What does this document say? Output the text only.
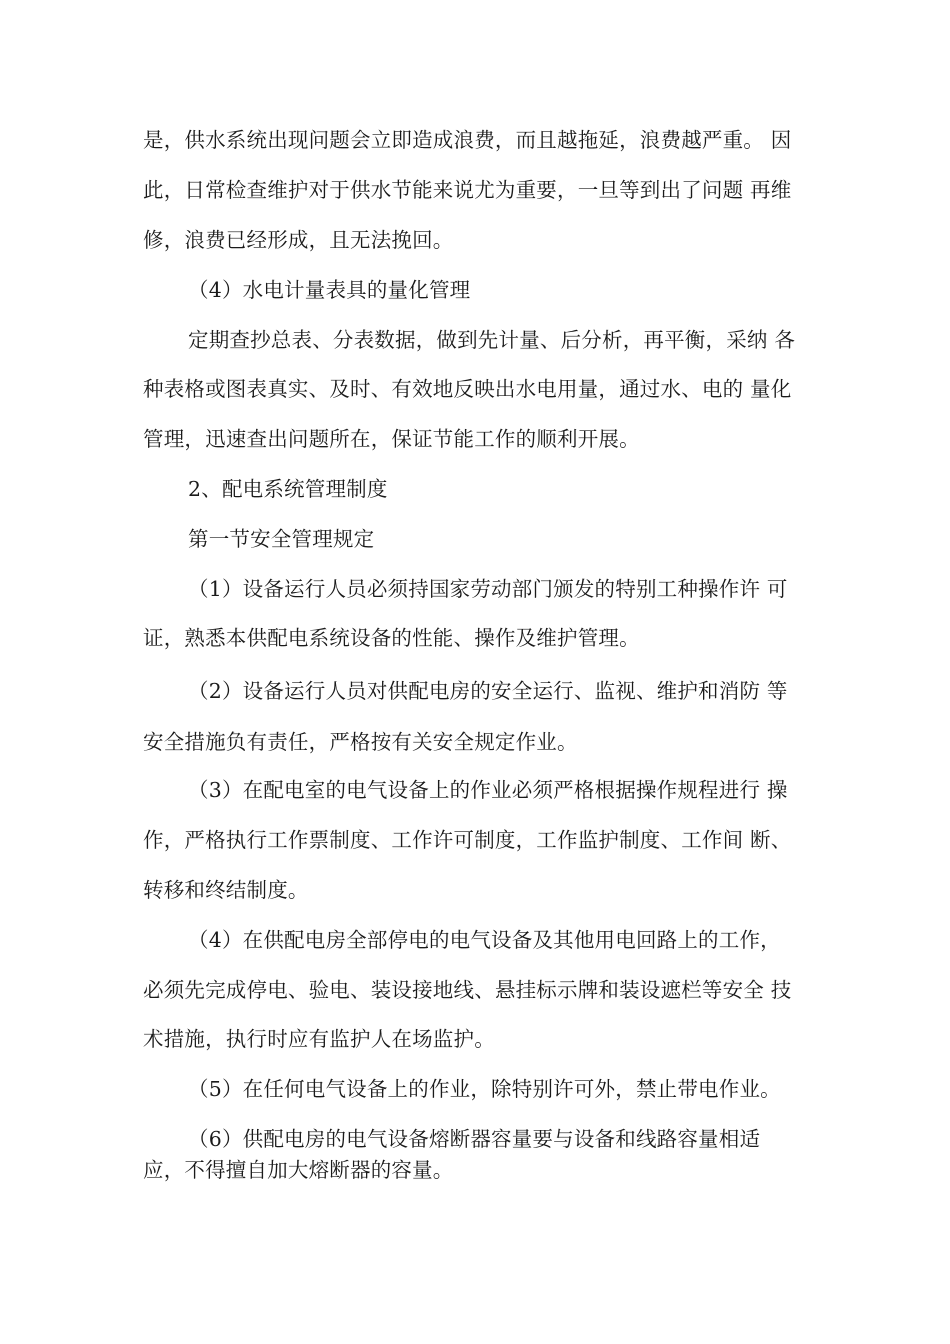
是，供水系统出现问题会立即造成浪费，而且越拖延，浪费越严重。 因
此，日常检查维护对于供水节能来说尤为重要，一旦等到出了问题 再维
修，浪费已经形成，且无法挽回。
（4）水电计量表具的量化管理
定期查抄总表、分表数据，做到先计量、后分析，再平衡，采纳 各
种表格或图表真实、及时、有效地反映出水电用量，通过水、电的 量化
管理，迅速查出问题所在，保证节能工作的顺利开展。
2、配电系统管理制度
第一节安全管理规定
（1）设备运行人员必须持国家劳动部门颁发的特别工种操作许 可
证，熟悉本供配电系统设备的性能、操作及维护管理。
（2）设备运行人员对供配电房的安全运行、监视、维护和消防 等
安全措施负有责任，严格按有关安全规定作业。
（3）在配电室的电气设备上的作业必须严格根据操作规程进行 操
作，严格执行工作票制度、工作许可制度，工作监护制度、工作间 断、
转移和终结制度。
（4）在供配电房全部停电的电气设备及其他用电回路上的工作，
必须先完成停电、验电、装设接地线、悬挂标示牌和装设遮栏等安全 技
术措施，执行时应有监护人在场监护。
（5）在任何电气设备上的作业，除特别许可外，禁止带电作业。
（6）供配电房的电气设备熔断器容量要与设备和线路容量相适
应，不得擅自加大熔断器的容量。
